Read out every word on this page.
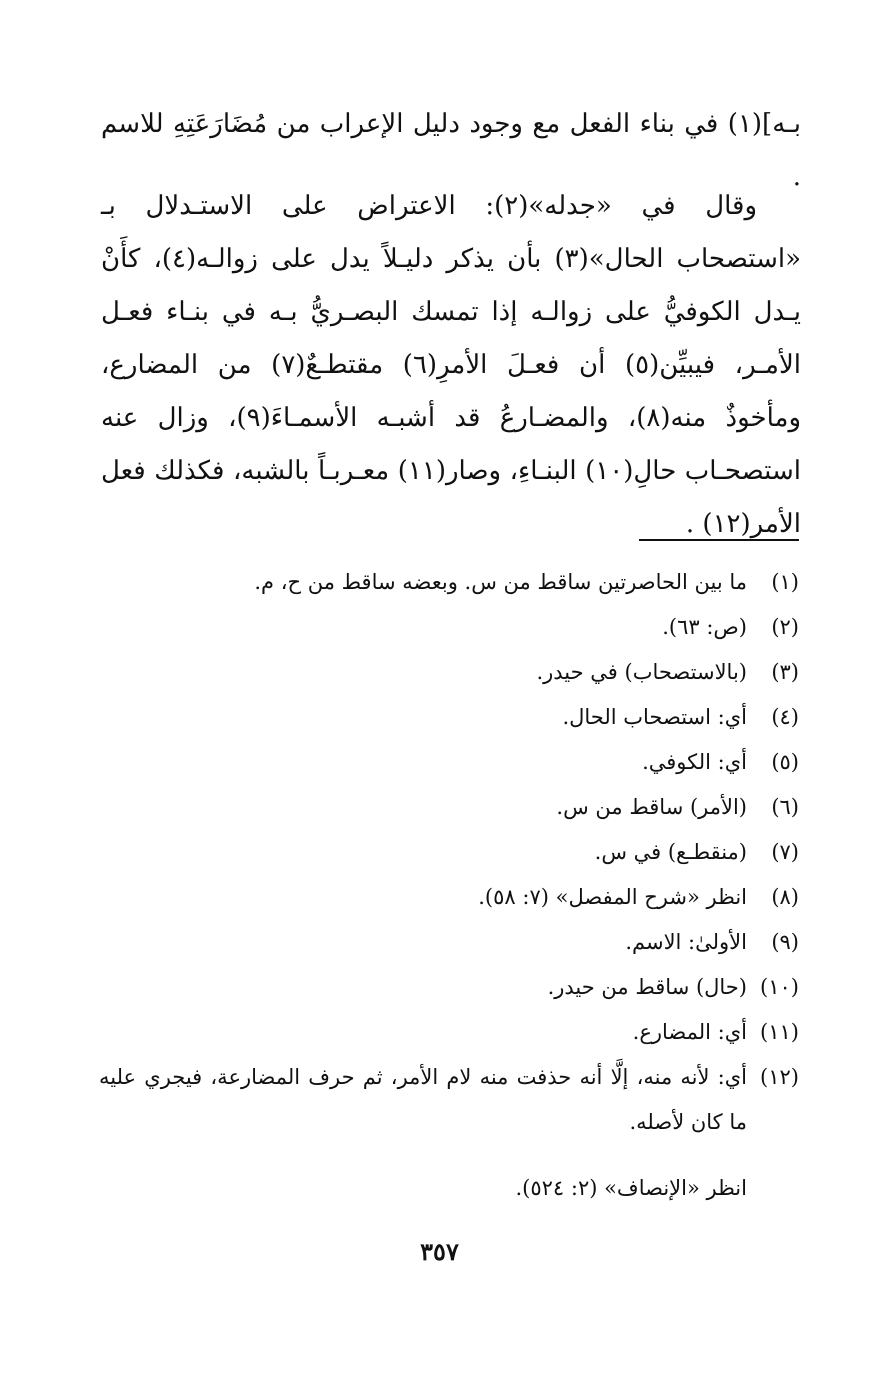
بـه](١) في بناء الفعل مع وجود دليل الإعراب من مُضَارَعَتِهِ للاسم .

وقال في «جدله»(٢): الاعتراض على الاستـدلال بـ «استصحاب الحال»(٣) بأن يذكر دليـلاً يدل على زوالـه(٤)، كأَنْ يـدل الكوفيُّ على زوالـه إذا تمسك البصـريُّ بـه في بنـاء فعـل الأمـر، فيبيِّن(٥) أن فعـلَ الأمرِ(٦) مقتطـعٌ(٧) من المضارع، ومأخوذٌ منه(٨)، والمضـارعُ قد أشبـه الأسمـاءَ(٩)، وزال عنه استصحـاب حالِ(١٠) البنـاءِ، وصار(١١) معـربـاً بالشبه، فكذلك فعل الأمر(١٢) .

(١)
ما بين الحاصرتين ساقط من س. وبعضه ساقط من ح، م.
(٢)
(ص: ٦٣).
(٣)
(بالاستصحاب) في حيدر.
(٤)
أي: استصحاب الحال.
(٥)
أي: الكوفي.
(٦)
(الأمر) ساقط من س.
(٧)
(منقطـع) في س.
(٨)
انظر «شرح المفصل» (٧: ٥٨).
(٩)
الأولىٰ: الاسم.
(١٠)
(حال) ساقط من حيدر.
(١١)
أي: المضارع.
(١٢)
أي: لأنه منه، إلَّا أنه حذفت منه لام الأمر، ثم حرف المضارعة، فيجري عليه ما كان لأصله.
انظر «الإنصاف» (٢: ٥٢٤).
٣٥٧
